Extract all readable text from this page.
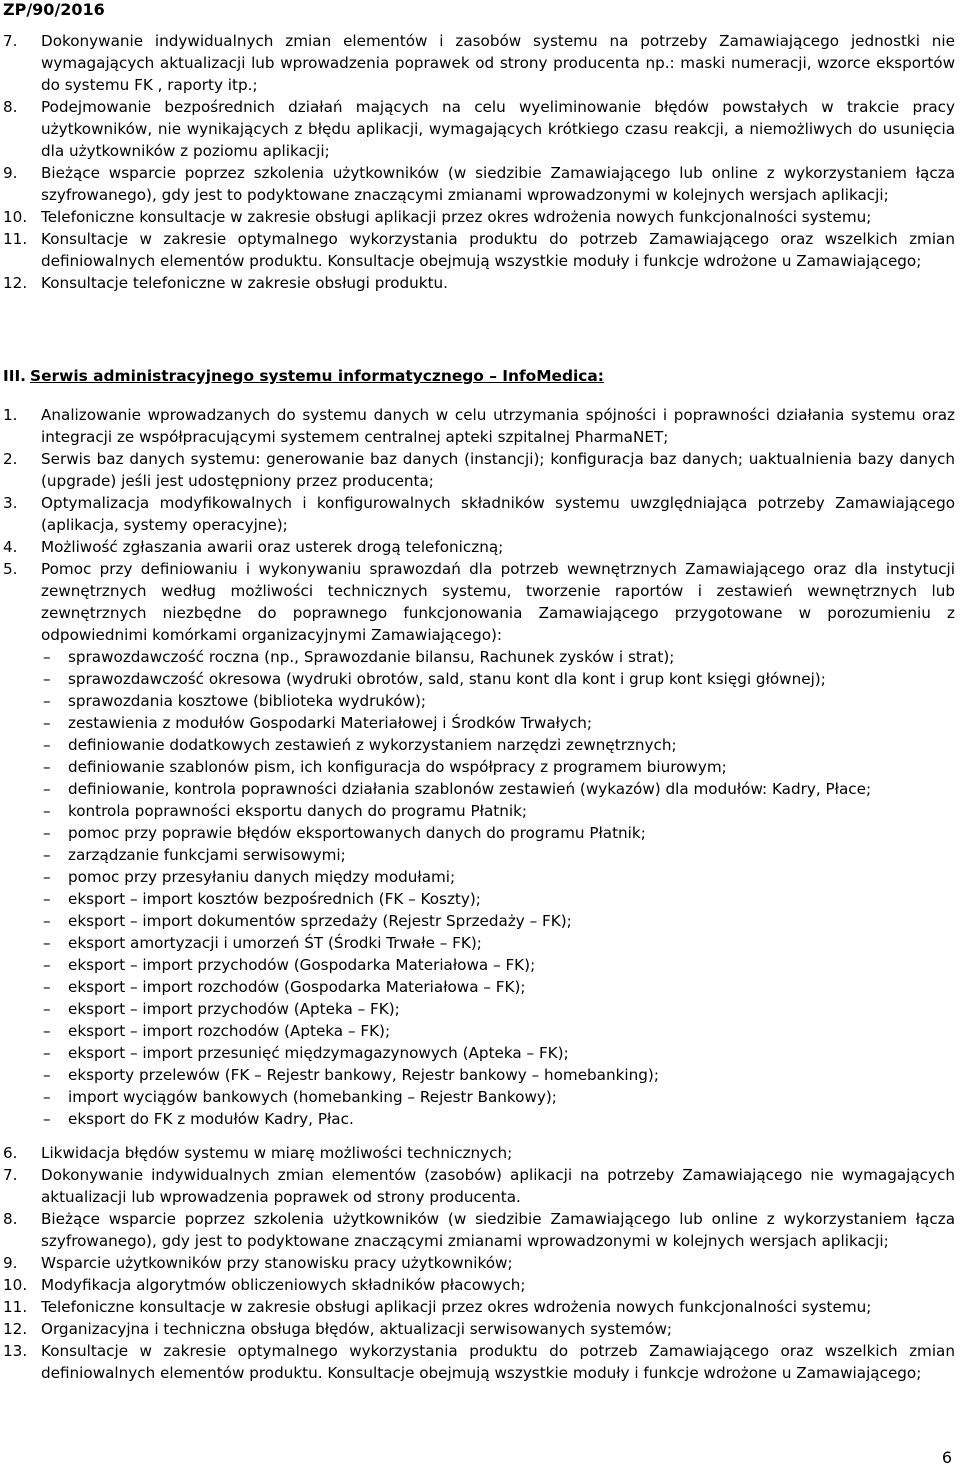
ZP/90/2016
7. Dokonywanie indywidualnych zmian elementów i zasobów systemu na potrzeby Zamawiającego jednostki nie wymagających aktualizacji lub wprowadzenia poprawek od strony producenta np.: maski numeracji, wzorce eksportów do systemu FK , raporty itp.;
8. Podejmowanie bezpośrednich działań mających na celu wyeliminowanie błędów powstałych w trakcie pracy użytkowników, nie wynikających z błędu aplikacji, wymagających krótkiego czasu reakcji, a niemożliwych do usunięcia dla użytkowników z poziomu aplikacji;
9. Bieżące wsparcie poprzez szkolenia użytkowników (w siedzibie Zamawiającego lub online z wykorzystaniem łącza szyfrowanego), gdy jest to podyktowane znaczącymi zmianami wprowadzonymi w kolejnych wersjach aplikacji;
10. Telefoniczne konsultacje w zakresie obsługi aplikacji przez okres wdrożenia nowych funkcjonalności systemu;
11. Konsultacje w zakresie optymalnego wykorzystania produktu do potrzeb Zamawiającego oraz wszelkich zmian definiowalnych elementów produktu. Konsultacje obejmują wszystkie moduły i funkcje wdrożone u Zamawiającego;
12. Konsultacje telefoniczne w zakresie obsługi produktu.
III. Serwis administracyjnego systemu informatycznego – InfoMedica:
1. Analizowanie wprowadzanych do systemu danych w celu utrzymania spójności i poprawności działania systemu oraz integracji ze współpracującymi systemem centralnej apteki szpitalnej PharmaNET;
2. Serwis baz danych systemu: generowanie baz danych (instancji); konfiguracja baz danych; uaktualnienia bazy danych (upgrade) jeśli jest udostępniony przez producenta;
3. Optymalizacja modyfikowalnych i konfigurowalnych składników systemu uwzględniająca potrzeby Zamawiającego (aplikacja, systemy operacyjne);
4. Możliwość zgłaszania awarii oraz usterek drogą telefoniczną;
5. Pomoc przy definiowaniu i wykonywaniu sprawozdań dla potrzeb wewnętrznych Zamawiającego oraz dla instytucji zewnętrznych według możliwości technicznych systemu, tworzenie raportów i zestawień wewnętrznych lub zewnętrznych niezbędne do poprawnego funkcjonowania Zamawiającego przygotowane w porozumieniu z odpowiednimi komórkami organizacyjnymi Zamawiającego):
– sprawozdawczość roczna (np., Sprawozdanie bilansu, Rachunek zysków i strat);
– sprawozdawczość okresowa (wydruki obrotów, sald, stanu kont dla kont i grup kont księgi głównej);
– sprawozdania kosztowe (biblioteka wydruków);
– zestawienia z modułów Gospodarki Materiałowej i Środków Trwałych;
– definiowanie dodatkowych zestawień z wykorzystaniem narzędzi zewnętrznych;
– definiowanie szablonów pism, ich konfiguracja do współpracy z programem biurowym;
– definiowanie, kontrola poprawności działania szablonów zestawień (wykazów) dla modułów: Kadry, Płace;
– kontrola poprawności eksportu danych do programu Płatnik;
– pomoc przy poprawie błędów eksportowanych danych do programu Płatnik;
– zarządzanie funkcjami serwisowymi;
– pomoc przy przesyłaniu danych między modułami;
– eksport – import kosztów bezpośrednich (FK – Koszty);
– eksport – import dokumentów sprzedaży (Rejestr Sprzedaży – FK);
– eksport amortyzacji i umorzeń ŚT (Środki Trwałe – FK);
– eksport – import przychodów (Gospodarka Materiałowa – FK);
– eksport – import rozchodów (Gospodarka Materiałowa – FK);
– eksport – import przychodów (Apteka – FK);
– eksport – import rozchodów (Apteka – FK);
– eksport – import przesunięć międzymagazynowych (Apteka – FK);
– eksporty przelewów (FK – Rejestr bankowy, Rejestr bankowy – homebanking);
– import wyciągów bankowych (homebanking – Rejestr Bankowy);
– eksport do FK z modułów Kadry, Płac.
6. Likwidacja błędów systemu w miarę możliwości technicznych;
7. Dokonywanie indywidualnych zmian elementów (zasobów) aplikacji na potrzeby Zamawiającego nie wymagających aktualizacji lub wprowadzenia poprawek od strony producenta.
8. Bieżące wsparcie poprzez szkolenia użytkowników (w siedzibie Zamawiającego lub online z wykorzystaniem łącza szyfrowanego), gdy jest to podyktowane znaczącymi zmianami wprowadzonymi w kolejnych wersjach aplikacji;
9. Wsparcie użytkowników przy stanowisku pracy użytkowników;
10. Modyfikacja algorytmów obliczeniowych składników płacowych;
11. Telefoniczne konsultacje w zakresie obsługi aplikacji przez okres wdrożenia nowych funkcjonalności systemu;
12. Organizacyjna i techniczna obsługa błędów, aktualizacji serwisowanych systemów;
13. Konsultacje w zakresie optymalnego wykorzystania produktu do potrzeb Zamawiającego oraz wszelkich zmian definiowalnych elementów produktu. Konsultacje obejmują wszystkie moduły i funkcje wdrożone u Zamawiającego;
6
